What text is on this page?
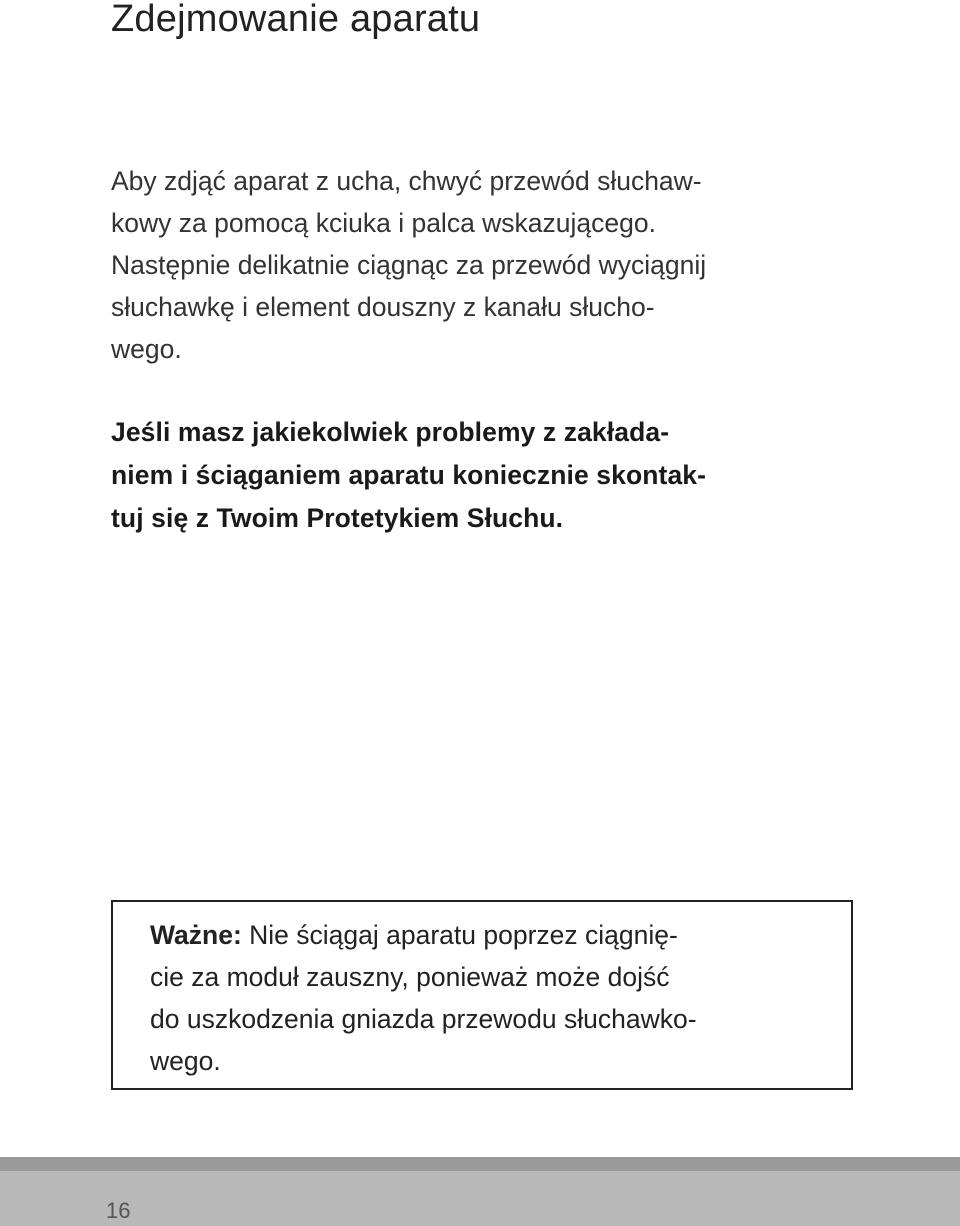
Zdejmowanie aparatu

Aby zdjąć aparat z ucha, chwyć przewód słuchaw-
kowy za pomocą kciuka i palca wskazującego.
Następnie delikatnie ciągnąc za przewód wyciągnij
słuchawkę i element douszny z kanału słucho-
wego.

Jeśli masz jakiekolwiek problemy z zakłada-
niem i ściąganiem aparatu koniecznie skontak-
tuj się z Twoim Protetykiem Słuchu.

Ważne: Nie ściągaj aparatu poprzez ciągnię-
cie za moduł zauszny, ponieważ może dojść
do uszkodzenia gniazda przewodu słuchawko-
wego.

16
